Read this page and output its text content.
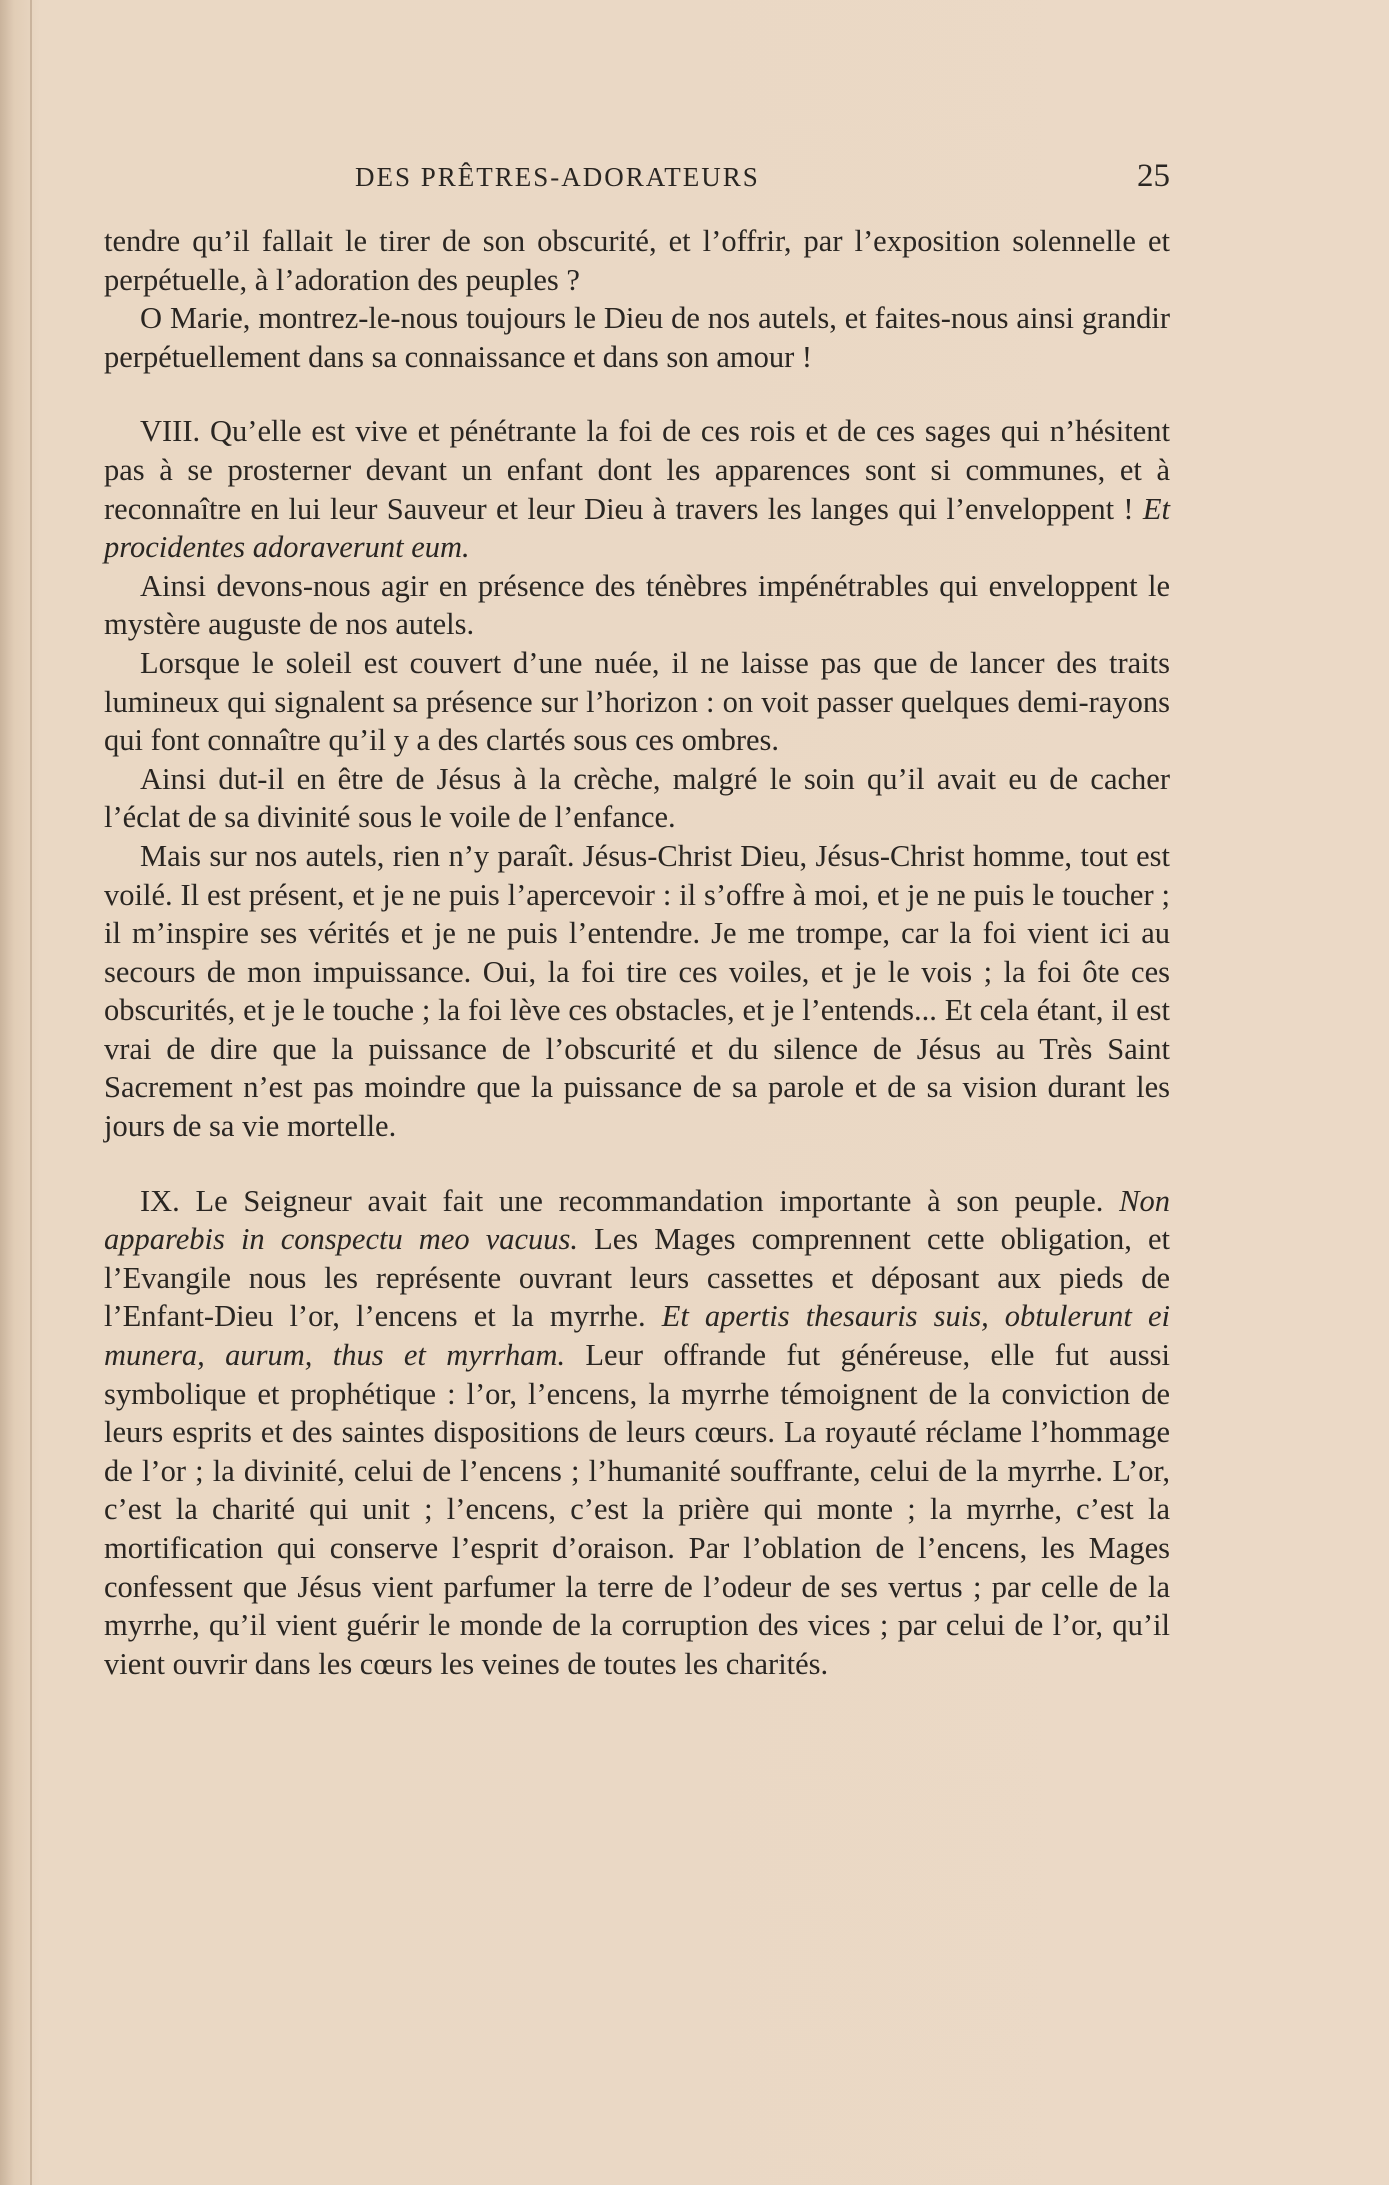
DES PRÊTRES-ADORATEURS	25

tendre qu’il fallait le tirer de son obscurité, et l’offrir, par l’exposition solennelle et perpétuelle, à l’adoration des peuples ?

O Marie, montrez-le-nous toujours le Dieu de nos autels, et faites-nous ainsi grandir perpétuellement dans sa connaissance et dans son amour !

VIII. Qu’elle est vive et pénétrante la foi de ces rois et de ces sages qui n’hésitent pas à se prosterner devant un enfant dont les apparences sont si communes, et à reconnaître en lui leur Sauveur et leur Dieu à travers les langes qui l’enveloppent ! Et procidentes adoraverunt eum.

Ainsi devons-nous agir en présence des ténèbres impénétrables qui enveloppent le mystère auguste de nos autels.

Lorsque le soleil est couvert d’une nuée, il ne laisse pas que de lancer des traits lumineux qui signalent sa présence sur l’horizon : on voit passer quelques demi-rayons qui font connaître qu’il y a des clartés sous ces ombres.

Ainsi dut-il en être de Jésus à la crèche, malgré le soin qu’il avait eu de cacher l’éclat de sa divinité sous le voile de l’enfance.

Mais sur nos autels, rien n’y paraît. Jésus-Christ Dieu, Jésus-Christ homme, tout est voilé. Il est présent, et je ne puis l’apercevoir : il s’offre à moi, et je ne puis le toucher ; il m’inspire ses vérités et je ne puis l’entendre. Je me trompe, car la foi vient ici au secours de mon impuissance. Oui, la foi tire ces voiles, et je le vois ; la foi ôte ces obscurités, et je le touche ; la foi lève ces obstacles, et je l’entends... Et cela étant, il est vrai de dire que la puissance de l’obscurité et du silence de Jésus au Très Saint Sacrement n’est pas moindre que la puissance de sa parole et de sa vision durant les jours de sa vie mortelle.

IX. Le Seigneur avait fait une recommandation importante à son peuple. Non apparebis in conspectu meo vacuus. Les Mages comprennent cette obligation, et l’Evangile nous les représente ouvrant leurs cassettes et déposant aux pieds de l’Enfant-Dieu l’or, l’encens et la myrrhe. Et apertis thesauris suis, obtulerunt ei munera, aurum, thus et myrrham. Leur offrande fut généreuse, elle fut aussi symbolique et prophétique : l’or, l’encens, la myrrhe témoignent de la conviction de leurs esprits et des saintes dispositions de leurs cœurs. La royauté réclame l’hommage de l’or ; la divinité, celui de l’encens ; l’humanité souffrante, celui de la myrrhe. L’or, c’est la charité qui unit ; l’encens, c’est la prière qui monte ; la myrrhe, c’est la mortification qui conserve l’esprit d’oraison. Par l’oblation de l’encens, les Mages confessent que Jésus vient parfumer la terre de l’odeur de ses vertus ; par celle de la myrrhe, qu’il vient guérir le monde de la corruption des vices ; par celui de l’or, qu’il vient ouvrir dans les cœurs les veines de toutes les charités.
